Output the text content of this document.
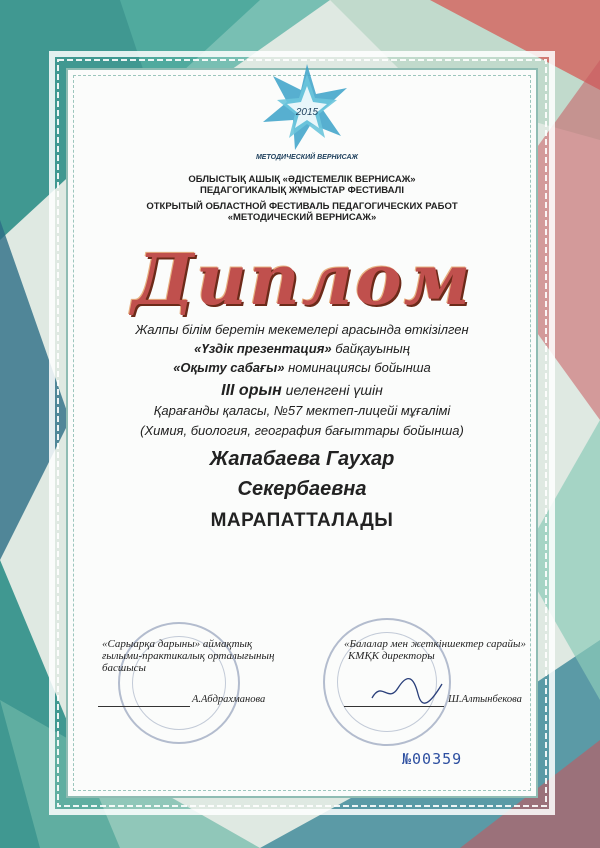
2015
МЕТОДИЧЕСКИЙ ВЕРНИСАЖ
ОБЛЫСТЫҚ АШЫҚ «ӘДІСТЕМЕЛІК ВЕРНИСАЖ»
ПЕДАГОГИКАЛЫҚ ЖҰМЫСТАР ФЕСТИВАЛІ
ОТКРЫТЫЙ ОБЛАСТНОЙ ФЕСТИВАЛЬ ПЕДАГОГИЧЕСКИХ РАБОТ
«МЕТОДИЧЕСКИЙ ВЕРНИСАЖ»
Диплом
Жалпы білім беретін мекемелері арасында өткізілген
«Үздік презентация» байқауының
«Оқыту сабағы» номинациясы бойынша
III орын иеленгені үшін
Қарағанды қаласы, №57 мектеп-лицейі мұғалімі
(Химия, биология, география бағыттары бойынша)
Жапабаева Гаухар
Секербаевна
МАРАПАТТАЛАДЫ
«Сарыарқа дарыны» аймақтық
ғылыми-практикалық орталығының
басшысы
А.Абдрахманова
«Балалар мен жеткіншектер сарайы»
КМҚК директоры
Ш.Алтынбекова
№00359
